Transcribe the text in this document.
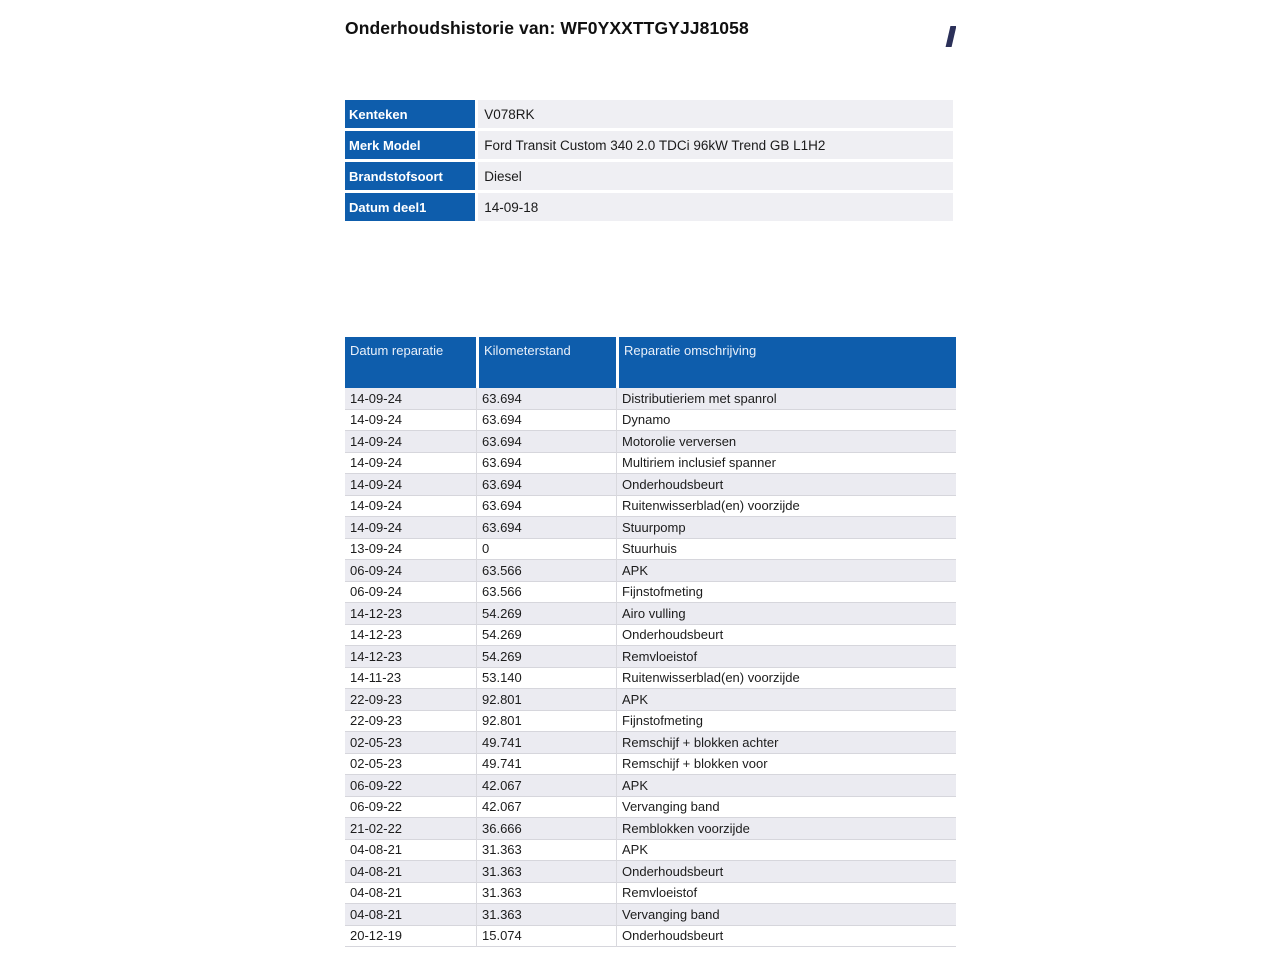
Onderhoudshistorie van: WF0YXXTTGYJJ81058
Kenteken	V078RK
Merk Model	Ford Transit Custom 340 2.0 TDCi 96kW Trend GB L1H2
Brandstofsoort	Diesel
Datum deel1	14-09-18
Datum reparatie	Kilometerstand	Reparatie omschrijving
14-09-24	63.694	Distributieriem met spanrol
14-09-24	63.694	Dynamo
14-09-24	63.694	Motorolie verversen
14-09-24	63.694	Multiriem inclusief spanner
14-09-24	63.694	Onderhoudsbeurt
14-09-24	63.694	Ruitenwisserblad(en) voorzijde
14-09-24	63.694	Stuurpomp
13-09-24	0	Stuurhuis
06-09-24	63.566	APK
06-09-24	63.566	Fijnstofmeting
14-12-23	54.269	Airo vulling
14-12-23	54.269	Onderhoudsbeurt
14-12-23	54.269	Remvloeistof
14-11-23	53.140	Ruitenwisserblad(en) voorzijde
22-09-23	92.801	APK
22-09-23	92.801	Fijnstofmeting
02-05-23	49.741	Remschijf + blokken achter
02-05-23	49.741	Remschijf + blokken voor
06-09-22	42.067	APK
06-09-22	42.067	Vervanging band
21-02-22	36.666	Remblokken voorzijde
04-08-21	31.363	APK
04-08-21	31.363	Onderhoudsbeurt
04-08-21	31.363	Remvloeistof
04-08-21	31.363	Vervanging band
20-12-19	15.074	Onderhoudsbeurt
